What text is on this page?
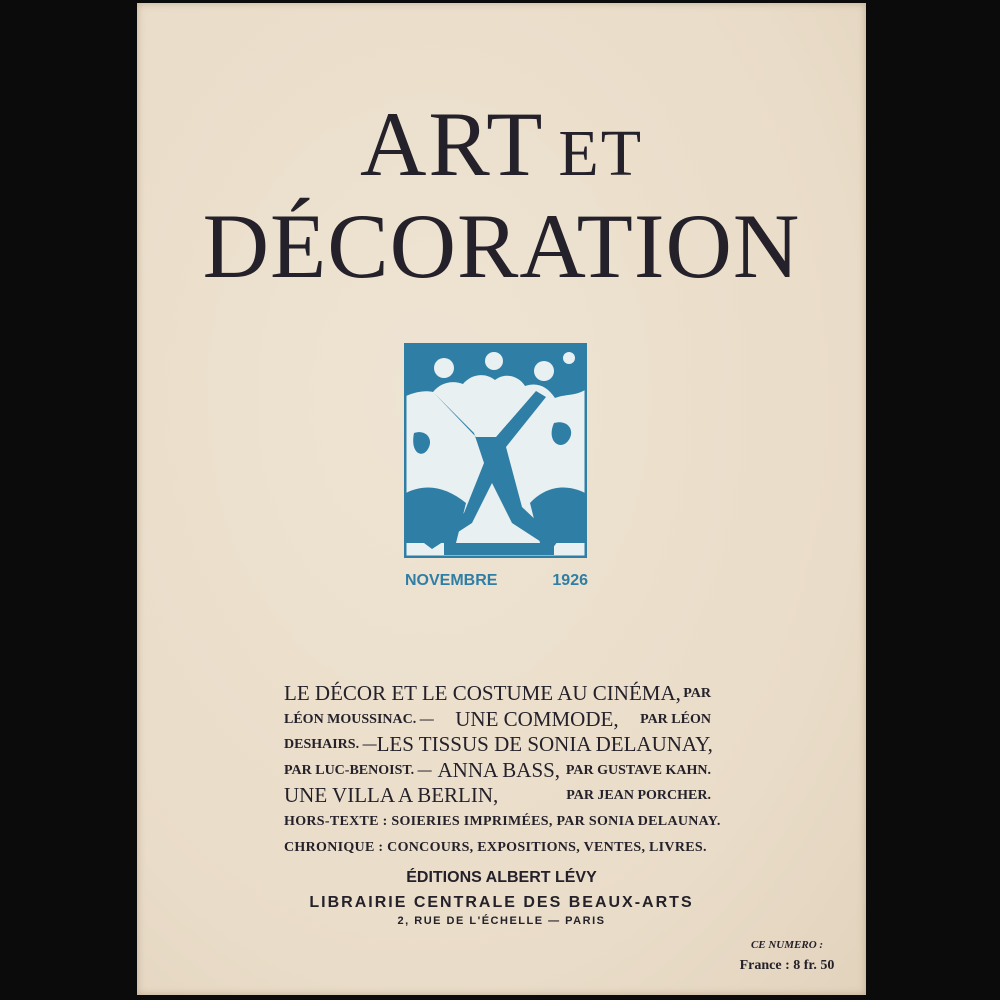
ART ET
DÉCORATION
NOVEMBRE	1926
LE DÉCOR ET LE COSTUME AU CINÉMA, PAR
LÉON MOUSSINAC. — UNE COMMODE, PAR LÉON
DESHAIRS. — LES TISSUS DE SONIA DELAUNAY,
PAR LUC-BENOIST. — ANNA BASS, PAR GUSTAVE KAHN.
UNE VILLA A BERLIN,	PAR JEAN PORCHER.
HORS-TEXTE : SOIERIES IMPRIMÉES, PAR SONIA DELAUNAY.
CHRONIQUE : CONCOURS, EXPOSITIONS, VENTES, LIVRES.
ÉDITIONS ALBERT LÉVY
LIBRAIRIE CENTRALE DES BEAUX-ARTS
2, RUE DE L'ÉCHELLE — PARIS
CE NUMERO :
France : 8 fr. 50
